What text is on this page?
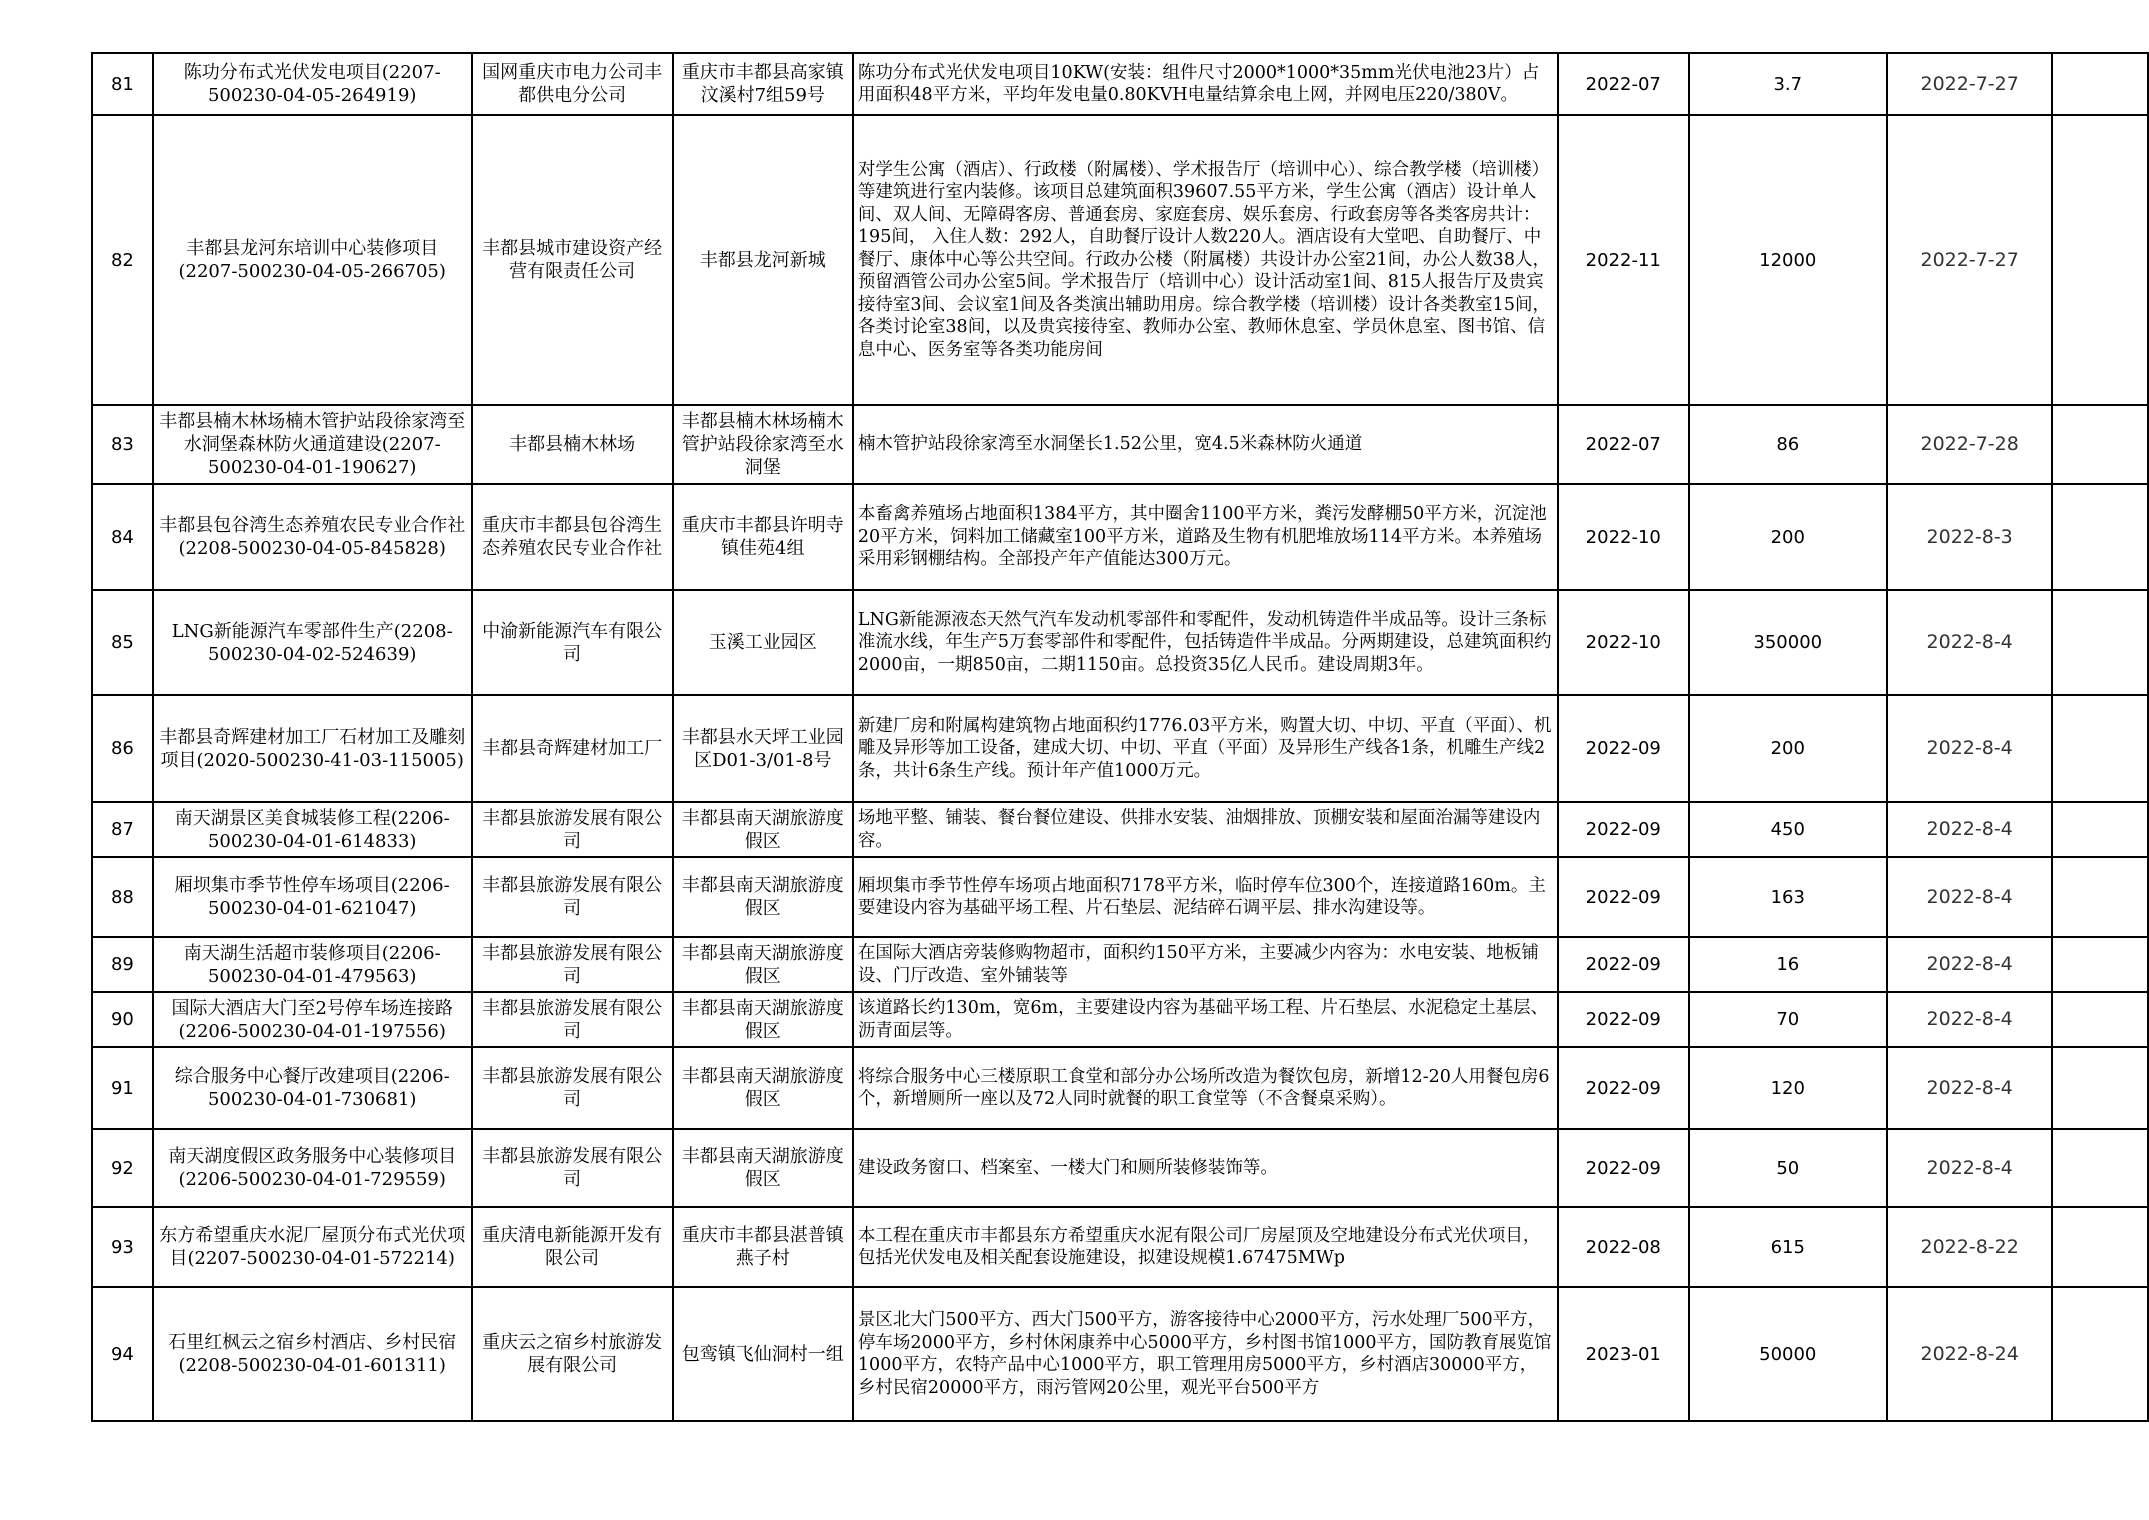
81	陈功分布式光伏发电项目(2207-500230-04-05-264919)	国网重庆市电力公司丰都供电分公司	重庆市丰都县高家镇汶溪村7组59号	陈功分布式光伏发电项目10KW(安装：组件尺寸2000*1000*35mm光伏电池23片）占用面积48平方米，平均年发电量0.80KVH电量结算余电上网，并网电压220/380V。	2022-07	3.7	2022-7-27	
82	丰都县龙河东培训中心装修项目(2207-500230-04-05-266705)	丰都县城市建设资产经营有限责任公司	丰都县龙河新城	对学生公寓（酒店）、行政楼（附属楼）、学术报告厅（培训中心）、综合教学楼（培训楼）等建筑进行室内装修。该项目总建筑面积39607.55平方米，学生公寓（酒店）设计单人间、双人间、无障碍客房、普通套房、家庭套房、娱乐套房、行政套房等各类客房共计：195间， 入住人数：292人，自助餐厅设计人数220人。酒店设有大堂吧、自助餐厅、中餐厅、康体中心等公共空间。行政办公楼（附属楼）共设计办公室21间，办公人数38人，预留酒管公司办公室5间。学术报告厅（培训中心）设计活动室1间、815人报告厅及贵宾接待室3间、会议室1间及各类演出辅助用房。综合教学楼（培训楼）设计各类教室15间，各类讨论室38间，以及贵宾接待室、教师办公室、教师休息室、学员休息室、图书馆、信息中心、医务室等各类功能房间	2022-11	12000	2022-7-27	
83	丰都县楠木林场楠木管护站段徐家湾至水洞堡森林防火通道建设(2207-500230-04-01-190627)	丰都县楠木林场	丰都县楠木林场楠木管护站段徐家湾至水洞堡	楠木管护站段徐家湾至水洞堡长1.52公里，宽4.5米森林防火通道	2022-07	86	2022-7-28	
84	丰都县包谷湾生态养殖农民专业合作社(2208-500230-04-05-845828)	重庆市丰都县包谷湾生态养殖农民专业合作社	重庆市丰都县许明寺镇佳苑4组	本畜禽养殖场占地面积1384平方，其中圈舍1100平方米，粪污发酵棚50平方米，沉淀池20平方米，饲料加工储藏室100平方米，道路及生物有机肥堆放场114平方米。本养殖场采用彩钢棚结构。全部投产年产值能达300万元。	2022-10	200	2022-8-3	
85	LNG新能源汽车零部件生产(2208-500230-04-02-524639)	中渝新能源汽车有限公司	玉溪工业园区	LNG新能源液态天然气汽车发动机零部件和零配件，发动机铸造件半成品等。设计三条标准流水线，年生产5万套零部件和零配件，包括铸造件半成品。分两期建设，总建筑面积约2000亩，一期850亩，二期1150亩。总投资35亿人民币。建设周期3年。	2022-10	350000	2022-8-4	
86	丰都县奇辉建材加工厂石材加工及雕刻项目(2020-500230-41-03-115005)	丰都县奇辉建材加工厂	丰都县水天坪工业园区D01-3/01-8号	新建厂房和附属构建筑物占地面积约1776.03平方米，购置大切、中切、平直（平面）、机雕及异形等加工设备，建成大切、中切、平直（平面）及异形生产线各1条，机雕生产线2条，共计6条生产线。预计年产值1000万元。	2022-09	200	2022-8-4	
87	南天湖景区美食城装修工程(2206-500230-04-01-614833)	丰都县旅游发展有限公司	丰都县南天湖旅游度假区	场地平整、铺装、餐台餐位建设、供排水安装、油烟排放、顶棚安装和屋面治漏等建设内容。	2022-09	450	2022-8-4	
88	厢坝集市季节性停车场项目(2206-500230-04-01-621047)	丰都县旅游发展有限公司	丰都县南天湖旅游度假区	厢坝集市季节性停车场项占地面积7178平方米，临时停车位300个，连接道路160m。主要建设内容为基础平场工程、片石垫层、泥结碎石调平层、排水沟建设等。	2022-09	163	2022-8-4	
89	南天湖生活超市装修项目(2206-500230-04-01-479563)	丰都县旅游发展有限公司	丰都县南天湖旅游度假区	在国际大酒店旁装修购物超市，面积约150平方米，主要减少内容为：水电安装、地板铺设、门厅改造、室外铺装等	2022-09	16	2022-8-4	
90	国际大酒店大门至2号停车场连接路(2206-500230-04-01-197556)	丰都县旅游发展有限公司	丰都县南天湖旅游度假区	该道路长约130m，宽6m，主要建设内容为基础平场工程、片石垫层、水泥稳定土基层、沥青面层等。	2022-09	70	2022-8-4	
91	综合服务中心餐厅改建项目(2206-500230-04-01-730681)	丰都县旅游发展有限公司	丰都县南天湖旅游度假区	将综合服务中心三楼原职工食堂和部分办公场所改造为餐饮包房，新增12-20人用餐包房6个，新增厕所一座以及72人同时就餐的职工食堂等（不含餐桌采购）。	2022-09	120	2022-8-4	
92	南天湖度假区政务服务中心装修项目(2206-500230-04-01-729559)	丰都县旅游发展有限公司	丰都县南天湖旅游度假区	建设政务窗口、档案室、一楼大门和厕所装修装饰等。	2022-09	50	2022-8-4	
93	东方希望重庆水泥厂屋顶分布式光伏项目(2207-500230-04-01-572214)	重庆清电新能源开发有限公司	重庆市丰都县湛普镇燕子村	本工程在重庆市丰都县东方希望重庆水泥有限公司厂房屋顶及空地建设分布式光伏项目，包括光伏发电及相关配套设施建设，拟建设规模1.67475MWp	2022-08	615	2022-8-22	
94	石里红枫云之宿乡村酒店、乡村民宿(2208-500230-04-01-601311)	重庆云之宿乡村旅游发展有限公司	包鸾镇飞仙洞村一组	景区北大门500平方、西大门500平方，游客接待中心2000平方，污水处理厂500平方，停车场2000平方，乡村休闲康养中心5000平方，乡村图书馆1000平方，国防教育展览馆1000平方，农特产品中心1000平方，职工管理用房5000平方，乡村酒店30000平方，乡村民宿20000平方，雨污管网20公里，观光平台500平方	2023-01	50000	2022-8-24	
